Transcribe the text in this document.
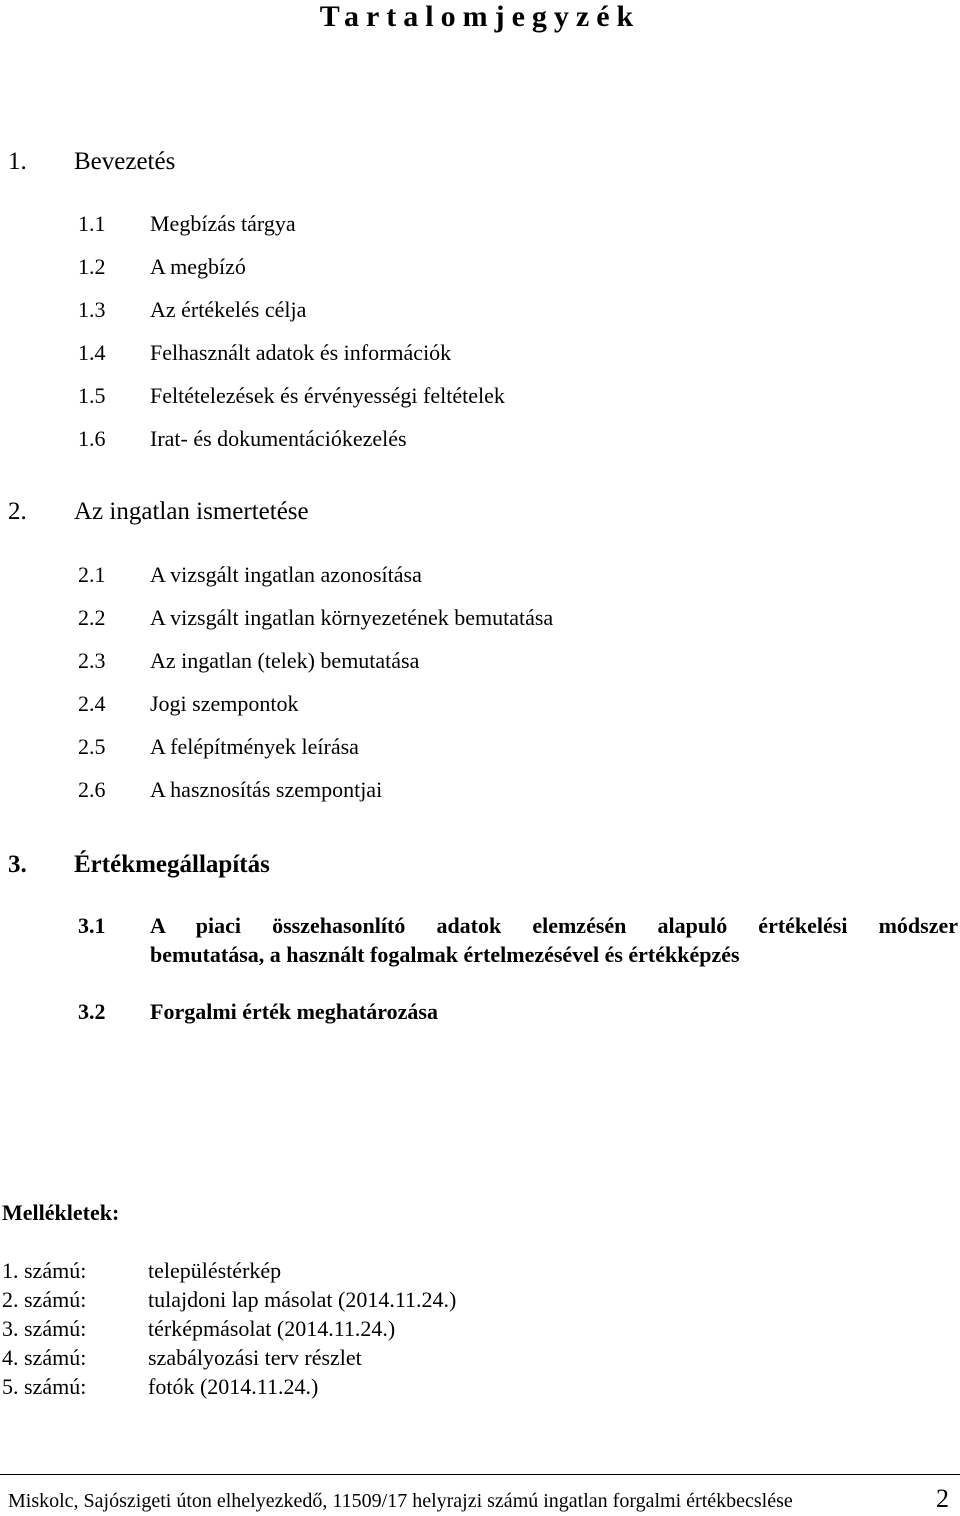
Tartalomjegyzék
1. Bevezetés
1.1 Megbízás tárgya
1.2 A megbízó
1.3 Az értékelés célja
1.4 Felhasznált adatok és információk
1.5 Feltételezések és érvényességi feltételek
1.6 Irat- és dokumentációkezelés
2. Az ingatlan ismertetése
2.1 A vizsgált ingatlan azonosítása
2.2 A vizsgált ingatlan környezetének bemutatása
2.3 Az ingatlan (telek) bemutatása
2.4 Jogi szempontok
2.5 A felépítmények leírása
2.6 A hasznosítás szempontjai
3. Értékmegállapítás
3.1 A piaci összehasonlító adatok elemzésén alapuló értékelési módszer
bemutatása, a használt fogalmak értelmezésével és értékképzés
3.2 Forgalmi érték meghatározása
Mellékletek:
1. számú:	településtérkép
2. számú:	tulajdoni lap másolat (2014.11.24.)
3. számú:	térképmásolat (2014.11.24.)
4. számú:	szabályozási terv részlet
5. számú:	fotók (2014.11.24.)
Miskolc, Sajószigeti úton elhelyezkedő, 11509/17 helyrajzi számú ingatlan forgalmi értékbecslése	2
